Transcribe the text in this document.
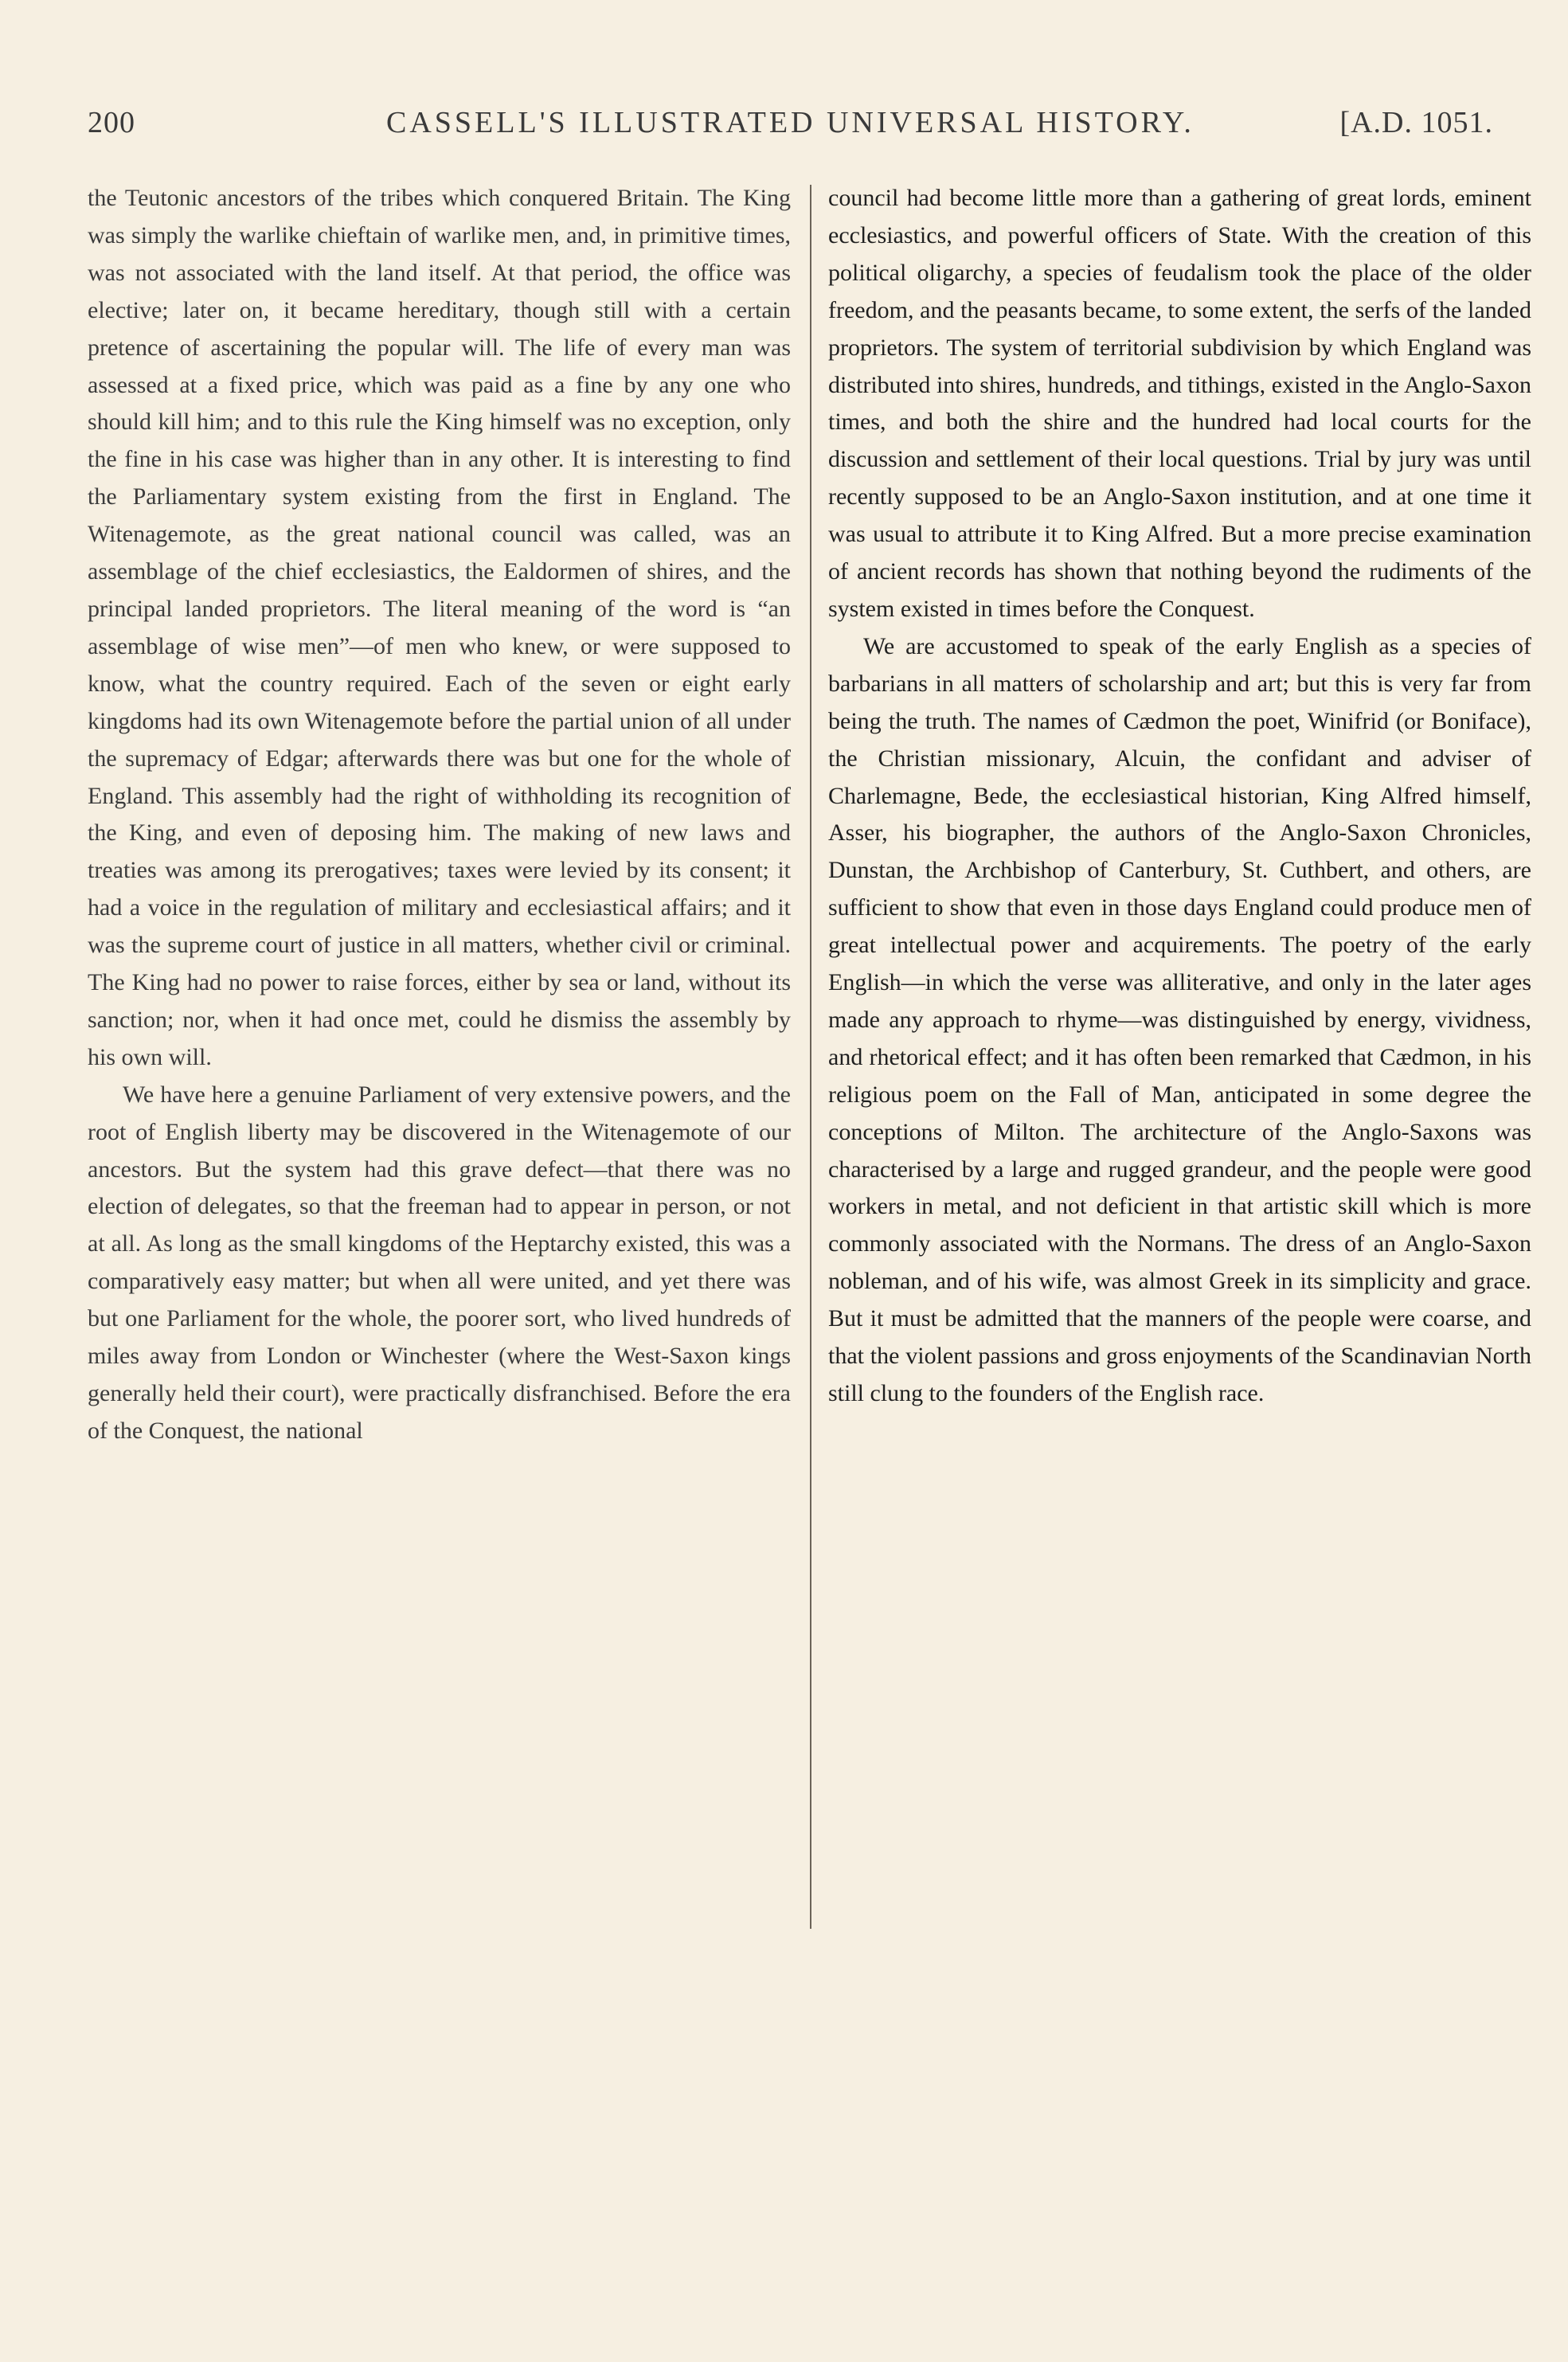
200	CASSELL'S ILLUSTRATED UNIVERSAL HISTORY.	[A.D. 1051.

the Teutonic ancestors of the tribes which conquered Britain. The King was simply the warlike chieftain of warlike men, and, in primitive times, was not associated with the land itself. At that period, the office was elective; later on, it became hereditary, though still with a certain pretence of ascertaining the popular will. The life of every man was assessed at a fixed price, which was paid as a fine by any one who should kill him; and to this rule the King himself was no exception, only the fine in his case was higher than in any other. It is interesting to find the Parliamentary system existing from the first in England. The Witenagemote, as the great national council was called, was an assemblage of the chief ecclesiastics, the Ealdormen of shires, and the principal landed proprietors. The literal meaning of the word is “an assemblage of wise men”—of men who knew, or were supposed to know, what the country required. Each of the seven or eight early kingdoms had its own Witenagemote before the partial union of all under the supremacy of Edgar; afterwards there was but one for the whole of England. This assembly had the right of withholding its recognition of the King, and even of deposing him. The making of new laws and treaties was among its prerogatives; taxes were levied by its consent; it had a voice in the regulation of military and ecclesiastical affairs; and it was the supreme court of justice in all matters, whether civil or criminal. The King had no power to raise forces, either by sea or land, without its sanction; nor, when it had once met, could he dismiss the assembly by his own will.

We have here a genuine Parliament of very extensive powers, and the root of English liberty may be discovered in the Witenagemote of our ancestors. But the system had this grave defect—that there was no election of delegates, so that the freeman had to appear in person, or not at all. As long as the small kingdoms of the Heptarchy existed, this was a comparatively easy matter; but when all were united, and yet there was but one Parliament for the whole, the poorer sort, who lived hundreds of miles away from London or Winchester (where the West-Saxon kings generally held their court), were practically disfranchised. Before the era of the Conquest, the national

council had become little more than a gathering of great lords, eminent ecclesiastics, and powerful officers of State. With the creation of this political oligarchy, a species of feudalism took the place of the older freedom, and the peasants became, to some extent, the serfs of the landed proprietors. The system of territorial subdivision by which England was distributed into shires, hundreds, and tithings, existed in the Anglo-Saxon times, and both the shire and the hundred had local courts for the discussion and settlement of their local questions. Trial by jury was until recently supposed to be an Anglo-Saxon institution, and at one time it was usual to attribute it to King Alfred. But a more precise examination of ancient records has shown that nothing beyond the rudiments of the system existed in times before the Conquest.

We are accustomed to speak of the early English as a species of barbarians in all matters of scholarship and art; but this is very far from being the truth. The names of Cædmon the poet, Winifrid (or Boniface), the Christian missionary, Alcuin, the confidant and adviser of Charlemagne, Bede, the ecclesiastical historian, King Alfred himself, Asser, his biographer, the authors of the Anglo-Saxon Chronicles, Dunstan, the Archbishop of Canterbury, St. Cuthbert, and others, are sufficient to show that even in those days England could produce men of great intellectual power and acquirements. The poetry of the early English—in which the verse was alliterative, and only in the later ages made any approach to rhyme—was distinguished by energy, vividness, and rhetorical effect; and it has often been remarked that Cædmon, in his religious poem on the Fall of Man, anticipated in some degree the conceptions of Milton. The architecture of the Anglo-Saxons was characterised by a large and rugged grandeur, and the people were good workers in metal, and not deficient in that artistic skill which is more commonly associated with the Normans. The dress of an Anglo-Saxon nobleman, and of his wife, was almost Greek in its simplicity and grace. But it must be admitted that the manners of the people were coarse, and that the violent passions and gross enjoyments of the Scandinavian North still clung to the founders of the English race.
